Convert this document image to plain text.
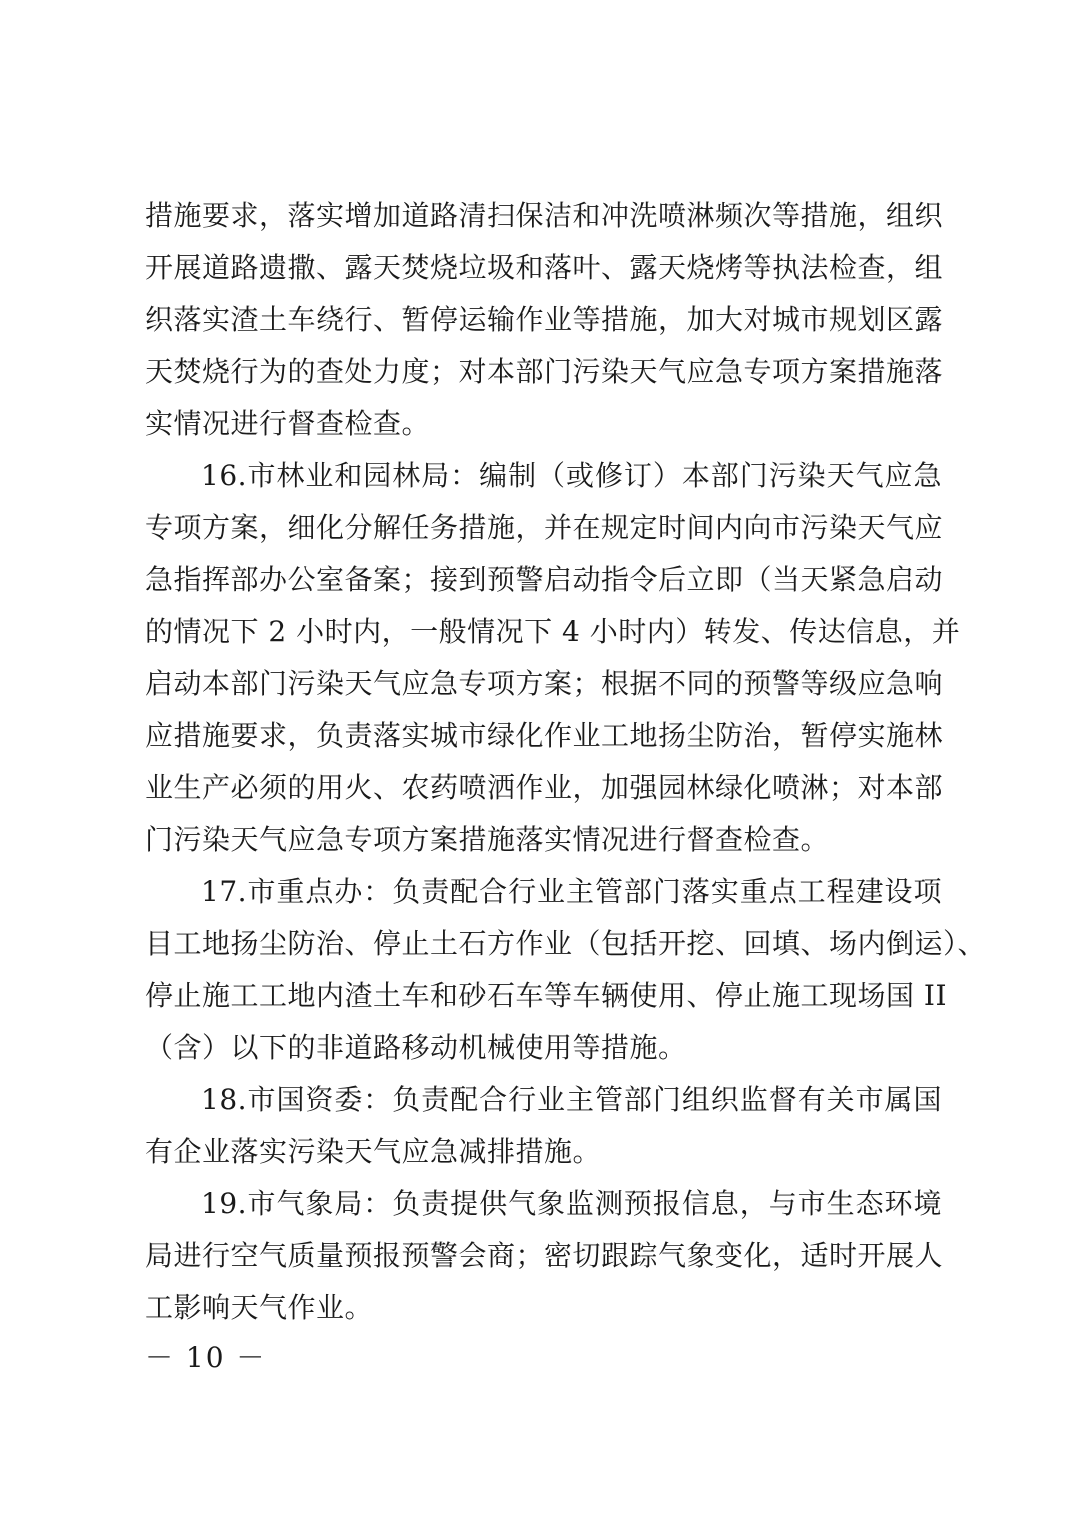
措施要求，落实增加道路清扫保洁和冲洗喷淋频次等措施，组织
开展道路遗撒、露天焚烧垃圾和落叶、露天烧烤等执法检查，组
织落实渣土车绕行、暂停运输作业等措施，加大对城市规划区露
天焚烧行为的查处力度；对本部门污染天气应急专项方案措施落
实情况进行督查检查。
16.市林业和园林局：编制（或修订）本部门污染天气应急
专项方案，细化分解任务措施，并在规定时间内向市污染天气应
急指挥部办公室备案；接到预警启动指令后立即（当天紧急启动
的情况下 2 小时内，一般情况下 4 小时内）转发、传达信息，并
启动本部门污染天气应急专项方案；根据不同的预警等级应急响
应措施要求，负责落实城市绿化作业工地扬尘防治，暂停实施林
业生产必须的用火、农药喷洒作业，加强园林绿化喷淋；对本部
门污染天气应急专项方案措施落实情况进行督查检查。
17.市重点办：负责配合行业主管部门落实重点工程建设项
目工地扬尘防治、停止土石方作业（包括开挖、回填、场内倒运）、
停止施工工地内渣土车和砂石车等车辆使用、停止施工现场国 II
（含）以下的非道路移动机械使用等措施。
18.市国资委：负责配合行业主管部门组织监督有关市属国
有企业落实污染天气应急减排措施。
19.市气象局：负责提供气象监测预报信息，与市生态环境
局进行空气质量预报预警会商；密切跟踪气象变化，适时开展人
工影响天气作业。
－ 10 －
